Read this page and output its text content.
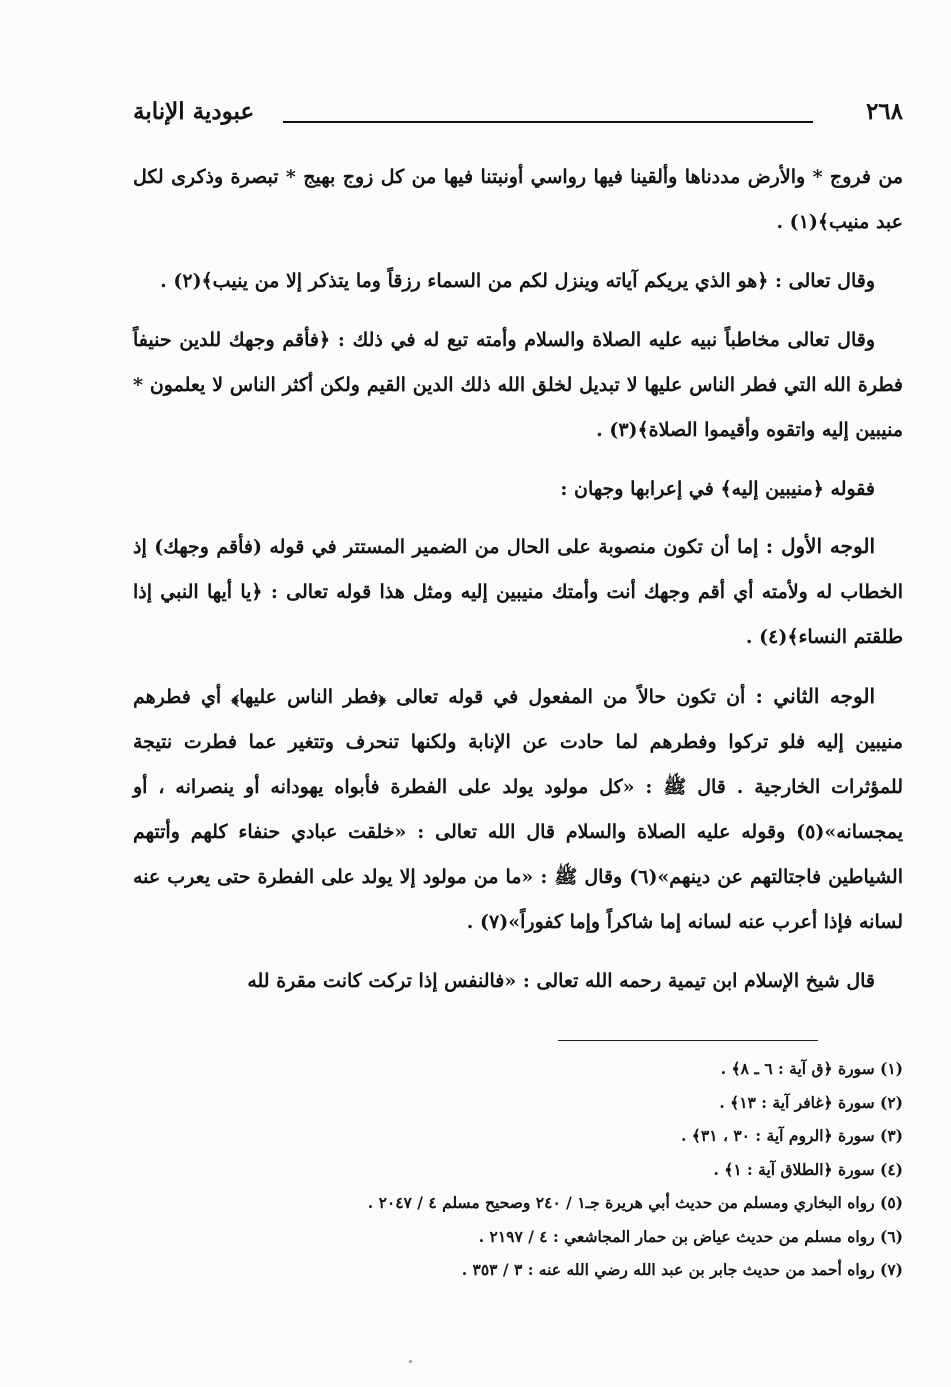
٢٦٨
عبودية الإنابة

من فروج * والأرض مددناها وألقينا فيها رواسي أونبتنا فيها من كل زوج بهيج * تبصرة وذكرى لكل عبد منيب﴾(١) .

وقال تعالى : ﴿هو الذي يريكم آياته وينزل لكم من السماء رزقاً وما يتذكر إلا من ينيب﴾(٢) .

وقال تعالى مخاطباً نبيه عليه الصلاة والسلام وأمته تبع له في ذلك : ﴿فأقم وجهك للدين حنيفاً فطرة الله التي فطر الناس عليها لا تبديل لخلق الله ذلك الدين القيم ولكن أكثر الناس لا يعلمون * منيبين إليه واتقوه وأقيموا الصلاة﴾(٣) .

فقوله ﴿منيبين إليه﴾ في إعرابها وجهان :

الوجه الأول : إما أن تكون منصوبة على الحال من الضمير المستتر في قوله (فأقم وجهك) إذ الخطاب له ولأمته أي أقم وجهك أنت وأمتك منيبين إليه ومثل هذا قوله تعالى : ﴿يا أيها النبي إذا طلقتم النساء﴾(٤) .

الوجه الثاني : أن تكون حالاً من المفعول في قوله تعالى ﴿فطر الناس عليها﴾ أي فطرهم منيبين إليه فلو تركوا وفطرهم لما حادت عن الإنابة ولكنها تنحرف وتتغير عما فطرت نتيجة للمؤثرات الخارجية . قال ﷺ : «كل مولود يولد على الفطرة فأبواه يهودانه أو ينصرانه ، أو يمجسانه»(٥) وقوله عليه الصلاة والسلام قال الله تعالى : «خلقت عبادي حنفاء كلهم وأتتهم الشياطين فاجتالتهم عن دينهم»(٦) وقال ﷺ : «ما من مولود إلا يولد على الفطرة حتى يعرب عنه لسانه فإذا أعرب عنه لسانه إما شاكراً وإما كفوراً»(٧) .

قال شيخ الإسلام ابن تيمية رحمه الله تعالى : «فالنفس إذا تركت كانت مقرة لله

(١) سورة ﴿ق آية : ٦ ـ ٨﴾ .
(٢) سورة ﴿غافر آية : ١٣﴾ .
(٣) سورة ﴿الروم آية : ٣٠ ، ٣١﴾ .
(٤) سورة ﴿الطلاق آية : ١﴾ .
(٥) رواه البخاري ومسلم من حديث أبي هريرة جـ١ / ٢٤٠ وصحيح مسلم ٤ / ٢٠٤٧ .
(٦) رواه مسلم من حديث عياض بن حمار المجاشعي : ٤ / ٢١٩٧ .
(٧) رواه أحمد من حديث جابر بن عبد الله رضي الله عنه : ٣ / ٣٥٣ .
